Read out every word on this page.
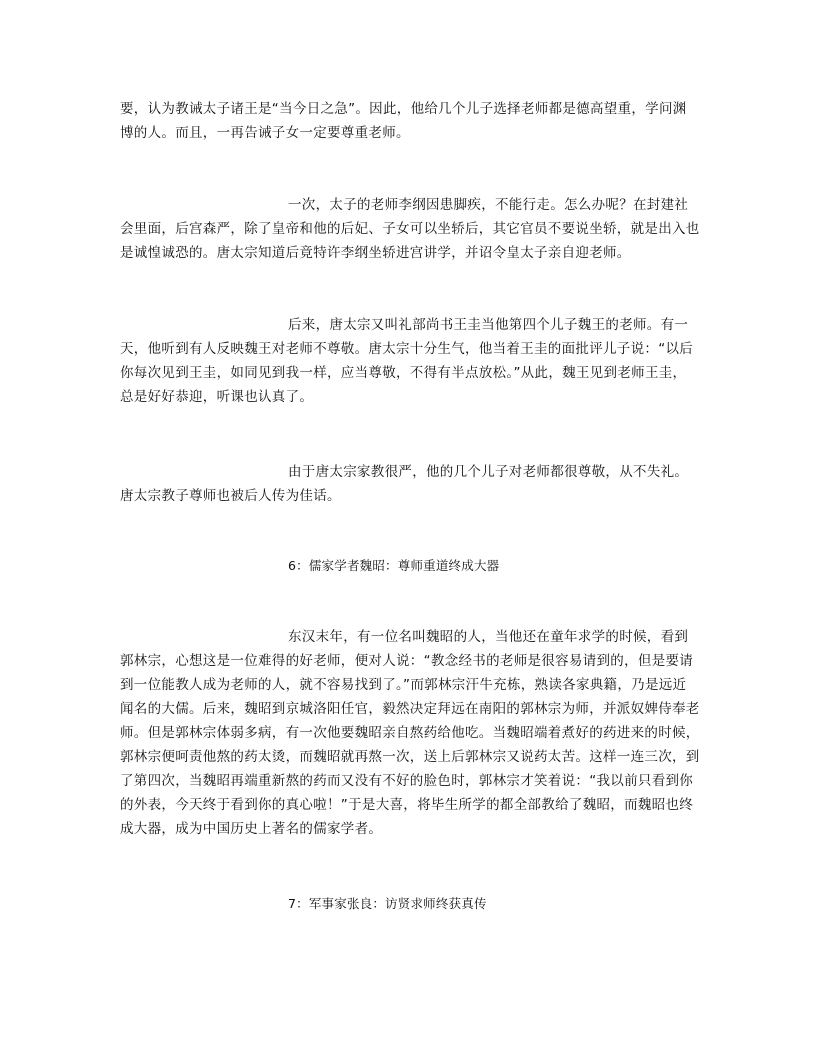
要，认为教诫太子诸王是“当今日之急”。因此，他给几个儿子选择老师都是德高望重，学问渊博的人。而且，一再告诫子女一定要尊重老师。

一次，太子的老师李纲因患脚疾，不能行走。怎么办呢？在封建社会里面，后宫森严，除了皇帝和他的后妃、子女可以坐轿后，其它官员不要说坐轿，就是出入也是诚惶诚恐的。唐太宗知道后竟特许李纲坐轿进宫讲学，并诏令皇太子亲自迎老师。

后来，唐太宗又叫礼部尚书王圭当他第四个儿子魏王的老师。有一天，他听到有人反映魏王对老师不尊敬。唐太宗十分生气，他当着王圭的面批评儿子说：“以后你每次见到王圭，如同见到我一样，应当尊敬，不得有半点放松。”从此，魏王见到老师王圭，总是好好恭迎，听课也认真了。

由于唐太宗家教很严，他的几个儿子对老师都很尊敬，从不失礼。唐太宗教子尊师也被后人传为佳话。

6：儒家学者魏昭：尊师重道终成大器

东汉末年，有一位名叫魏昭的人，当他还在童年求学的时候，看到郭林宗，心想这是一位难得的好老师，便对人说：“教念经书的老师是很容易请到的，但是要请到一位能教人成为老师的人，就不容易找到了。”而郭林宗汗牛充栋，熟读各家典籍，乃是远近闻名的大儒。后来，魏昭到京城洛阳任官，毅然决定拜远在南阳的郭林宗为师，并派奴婢侍奉老师。但是郭林宗体弱多病，有一次他要魏昭亲自熬药给他吃。当魏昭端着煮好的药进来的时候，郭林宗便呵责他熬的药太烫，而魏昭就再熬一次，送上后郭林宗又说药太苦。这样一连三次，到了第四次，当魏昭再端重新熬的药而又没有不好的脸色时，郭林宗才笑着说：“我以前只看到你的外表，今天终于看到你的真心啦！”于是大喜，将毕生所学的都全部教给了魏昭，而魏昭也终成大器，成为中国历史上著名的儒家学者。

7：军事家张良：访贤求师终获真传
